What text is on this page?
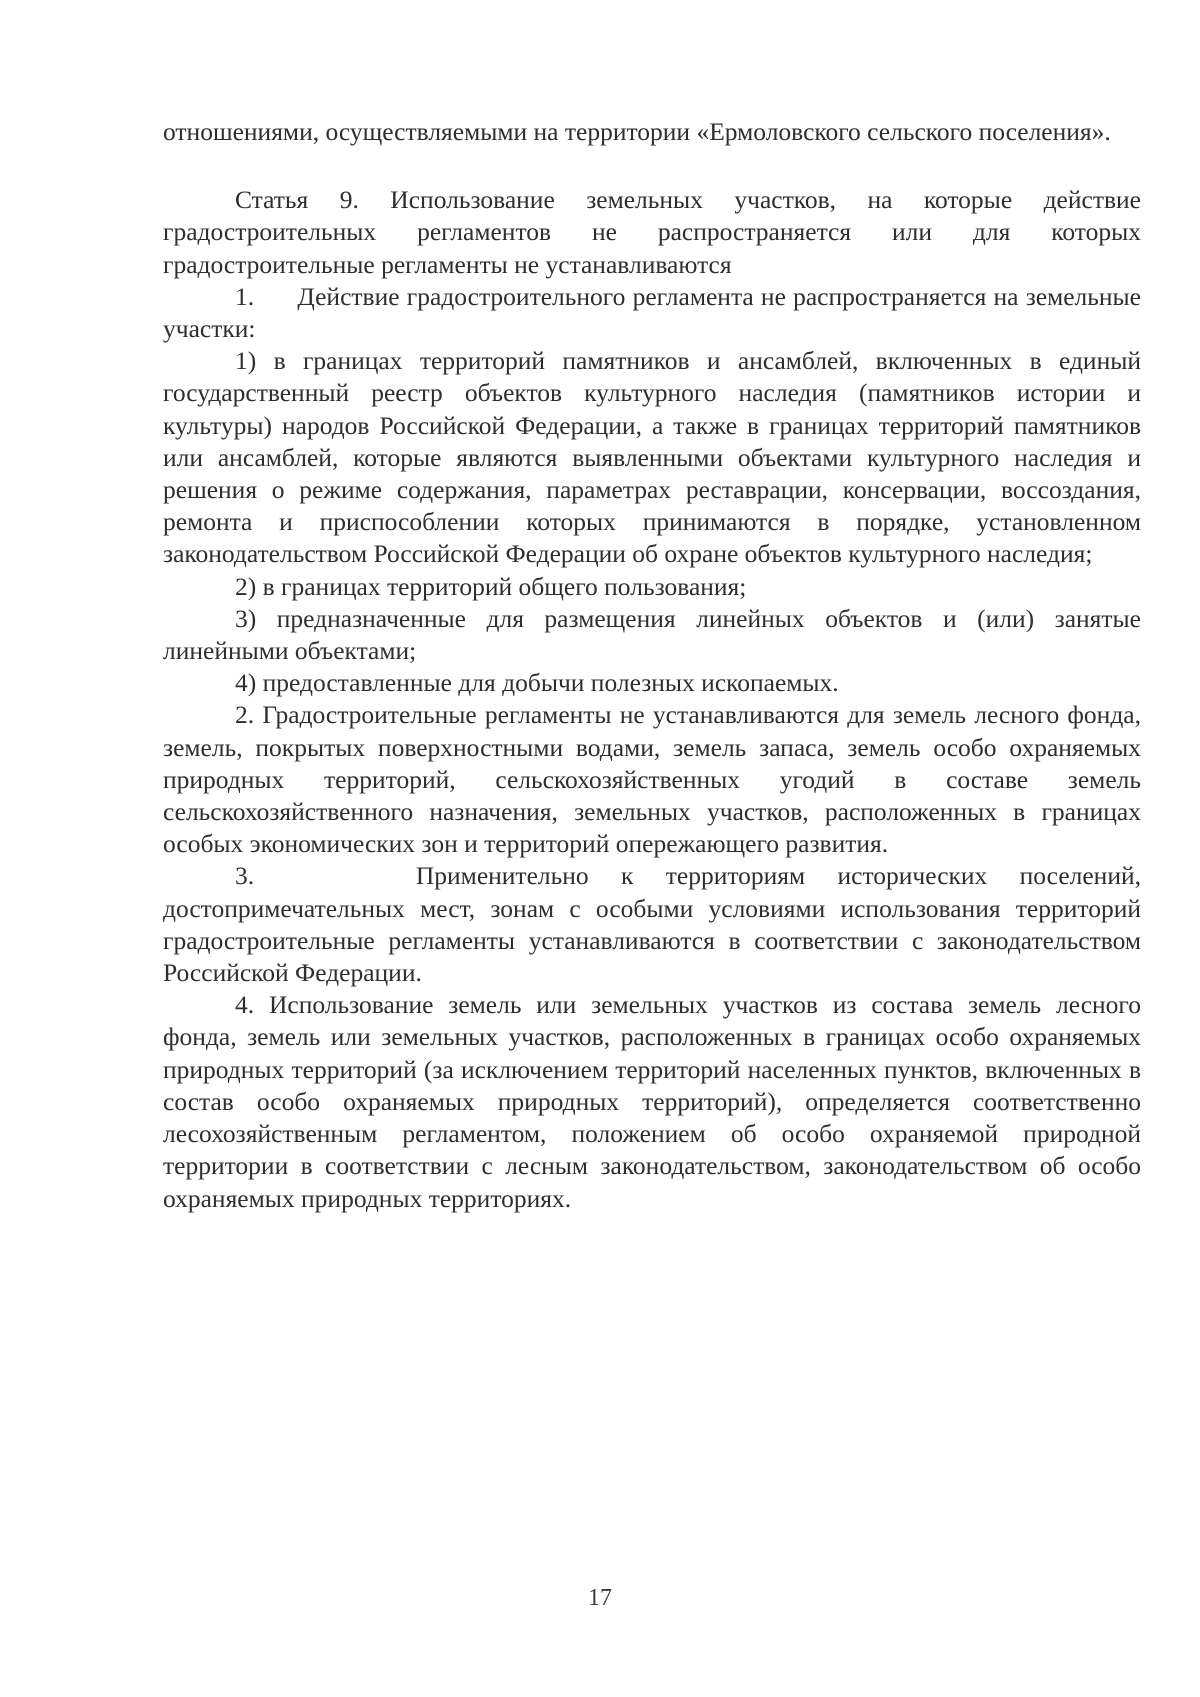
отношениями, осуществляемыми на территории «Ермоловского сельского поселения».

Статья 9. Использование земельных участков, на которые действие градостроительных регламентов не распространяется или для которых градостроительные регламенты не устанавливаются

1.      Действие градостроительного регламента не распространяется на земельные участки:

1) в границах территорий памятников и ансамблей, включенных в единый государственный реестр объектов культурного наследия (памятников истории и культуры) народов Российской Федерации, а также в границах территорий памятников или ансамблей, которые являются выявленными объектами культурного наследия и решения о режиме содержания, параметрах реставрации, консервации, воссоздания, ремонта и приспособлении которых принимаются в порядке, установленном законодательством Российской Федерации об охране объектов культурного наследия;

2) в границах территорий общего пользования;

3) предназначенные для размещения линейных объектов и (или) занятые линейными объектами;

4) предоставленные для добычи полезных ископаемых.

2. Градостроительные регламенты не устанавливаются для земель лесного фонда, земель, покрытых поверхностными водами, земель запаса, земель особо охраняемых природных территорий, сельскохозяйственных угодий в составе земель сельскохозяйственного назначения, земельных участков, расположенных в границах особых экономических зон и территорий опережающего развития.

3.     Применительно к территориям исторических поселений, достопримечательных мест, зонам с особыми условиями использования территорий градостроительные регламенты устанавливаются в соответствии с законодательством Российской Федерации.

4. Использование земель или земельных участков из состава земель лесного фонда, земель или земельных участков, расположенных в границах особо охраняемых природных территорий (за исключением территорий населенных пунктов, включенных в состав особо охраняемых природных территорий), определяется соответственно лесохозяйственным регламентом, положением об особо охраняемой природной территории в соответствии с лесным законодательством, законодательством об особо охраняемых природных территориях.

17
